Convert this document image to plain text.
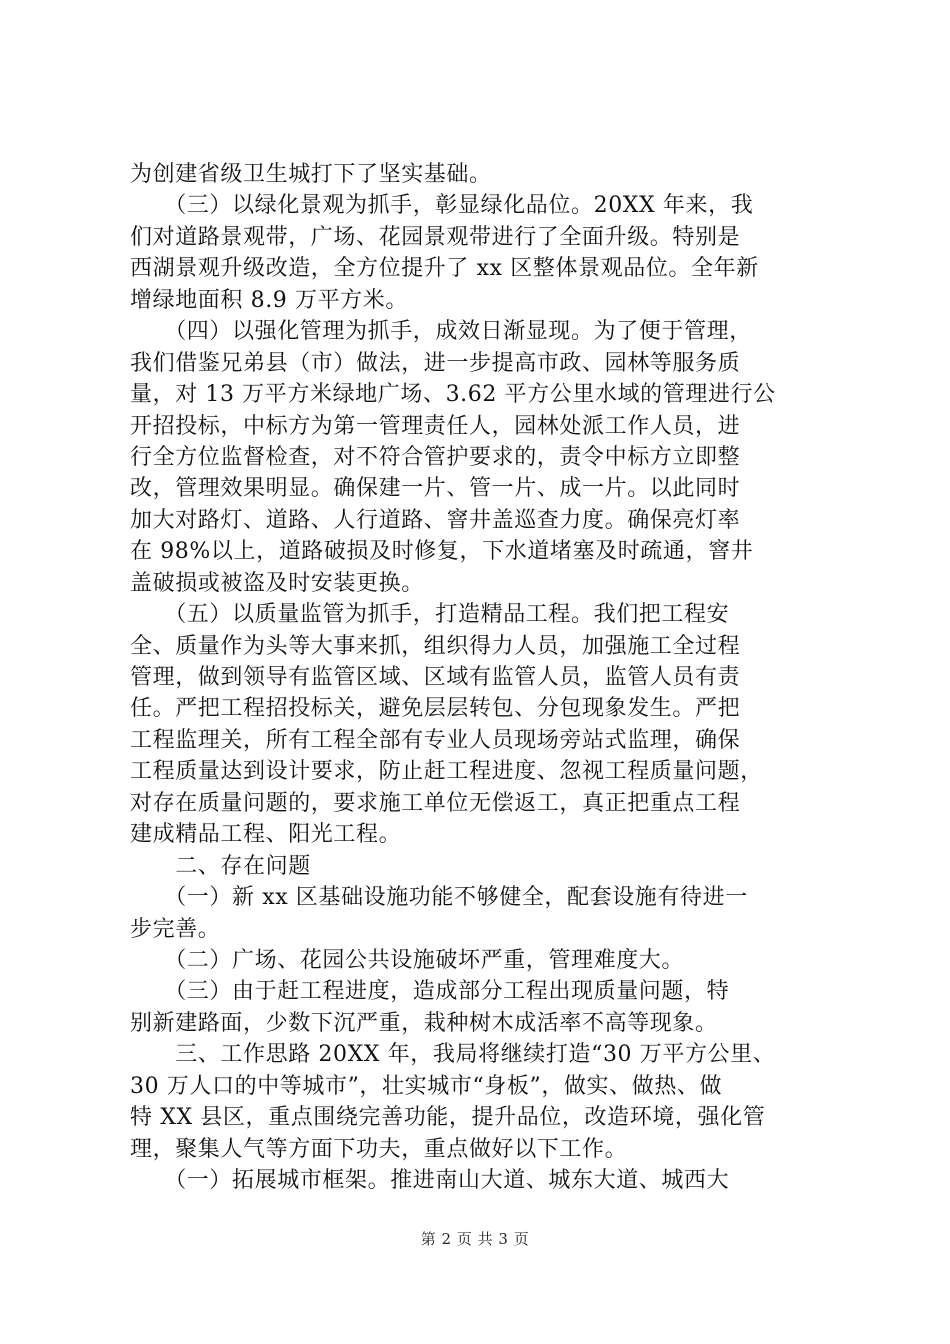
为创建省级卫生城打下了坚实基础。
　　（三）以绿化景观为抓手，彰显绿化品位。20XX 年来，我
们对道路景观带，广场、花园景观带进行了全面升级。特别是
西湖景观升级改造，全方位提升了 xx 区整体景观品位。全年新
增绿地面积 8.9 万平方米。
　　（四）以强化管理为抓手，成效日渐显现。为了便于管理，
我们借鉴兄弟县（市）做法，进一步提高市政、园林等服务质
量，对 13 万平方米绿地广场、3.62 平方公里水域的管理进行公
开招投标，中标方为第一管理责任人，园林处派工作人员，进
行全方位监督检查，对不符合管护要求的，责令中标方立即整
改，管理效果明显。确保建一片、管一片、成一片。以此同时
加大对路灯、道路、人行道路、窨井盖巡查力度。确保亮灯率
在 98%以上，道路破损及时修复，下水道堵塞及时疏通，窨井
盖破损或被盗及时安装更换。
　　（五）以质量监管为抓手，打造精品工程。我们把工程安
全、质量作为头等大事来抓，组织得力人员，加强施工全过程
管理，做到领导有监管区域、区域有监管人员，监管人员有责
任。严把工程招投标关，避免层层转包、分包现象发生。严把
工程监理关，所有工程全部有专业人员现场旁站式监理，确保
工程质量达到设计要求，防止赶工程进度、忽视工程质量问题，
对存在质量问题的，要求施工单位无偿返工，真正把重点工程
建成精品工程、阳光工程。
　　二、存在问题
　　（一）新 xx 区基础设施功能不够健全，配套设施有待进一
步完善。
　　（二）广场、花园公共设施破坏严重，管理难度大。
　　（三）由于赶工程进度，造成部分工程出现质量问题，特
别新建路面，少数下沉严重，栽种树木成活率不高等现象。
　　三、工作思路 20XX 年，我局将继续打造“30 万平方公里、
30 万人口的中等城市”，壮实城市“身板”，做实、做热、做
特 XX 县区，重点围绕完善功能，提升品位，改造环境，强化管
理，聚集人气等方面下功夫，重点做好以下工作。
　　（一）拓展城市框架。推进南山大道、城东大道、城西大
第 2 页 共 3 页
